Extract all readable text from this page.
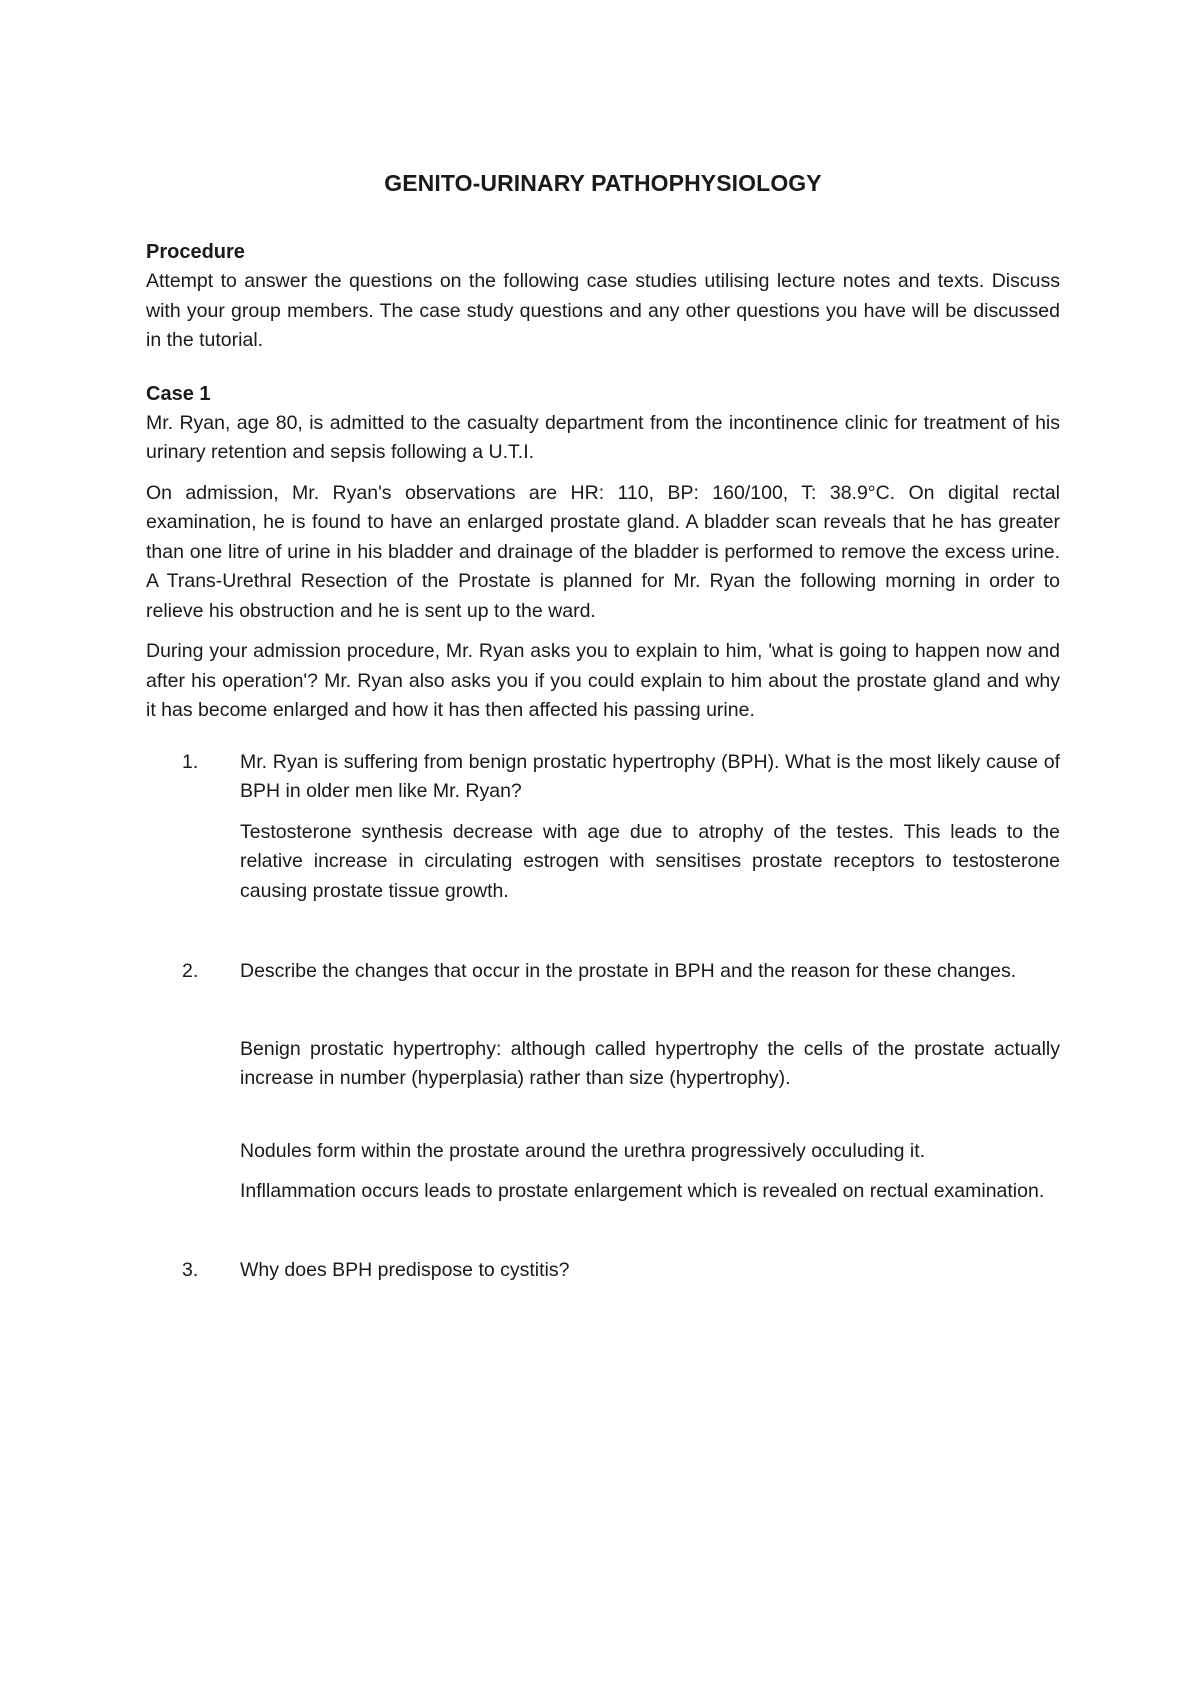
GENITO-URINARY PATHOPHYSIOLOGY
Procedure

Attempt to answer the questions on the following case studies utilising lecture notes and texts. Discuss with your group members. The case study questions and any other questions you have will be discussed in the tutorial.

Case 1

Mr. Ryan, age 80, is admitted to the casualty department from the incontinence clinic for treatment of his urinary retention and sepsis following a U.T.I.

On admission, Mr. Ryan's observations are HR: 110, BP: 160/100, T: 38.9°C. On digital rectal examination, he is found to have an enlarged prostate gland. A bladder scan reveals that he has greater than one litre of urine in his bladder and drainage of the bladder is performed to remove the excess urine. A Trans-Urethral Resection of the Prostate is planned for Mr. Ryan the following morning in order to relieve his obstruction and he is sent up to the ward.

During your admission procedure, Mr. Ryan asks you to explain to him, 'what is going to happen now and after his operation'? Mr. Ryan also asks you if you could explain to him about the prostate gland and why it has become enlarged and how it has then affected his passing urine.

1. Mr. Ryan is suffering from benign prostatic hypertrophy (BPH). What is the most likely cause of BPH in older men like Mr. Ryan?

Testosterone synthesis decrease with age due to atrophy of the testes. This leads to the relative increase in circulating estrogen with sensitises prostate receptors to testosterone causing prostate tissue growth.

2. Describe the changes that occur in the prostate in BPH and the reason for these changes.

Benign prostatic hypertrophy: although called hypertrophy the cells of the prostate actually increase in number (hyperplasia) rather than size (hypertrophy).

Nodules form within the prostate around the urethra progressively occuluding it.

Infllammation occurs leads to prostate enlargement which is revealed on rectual examination.

3. Why does BPH predispose to cystitis?
